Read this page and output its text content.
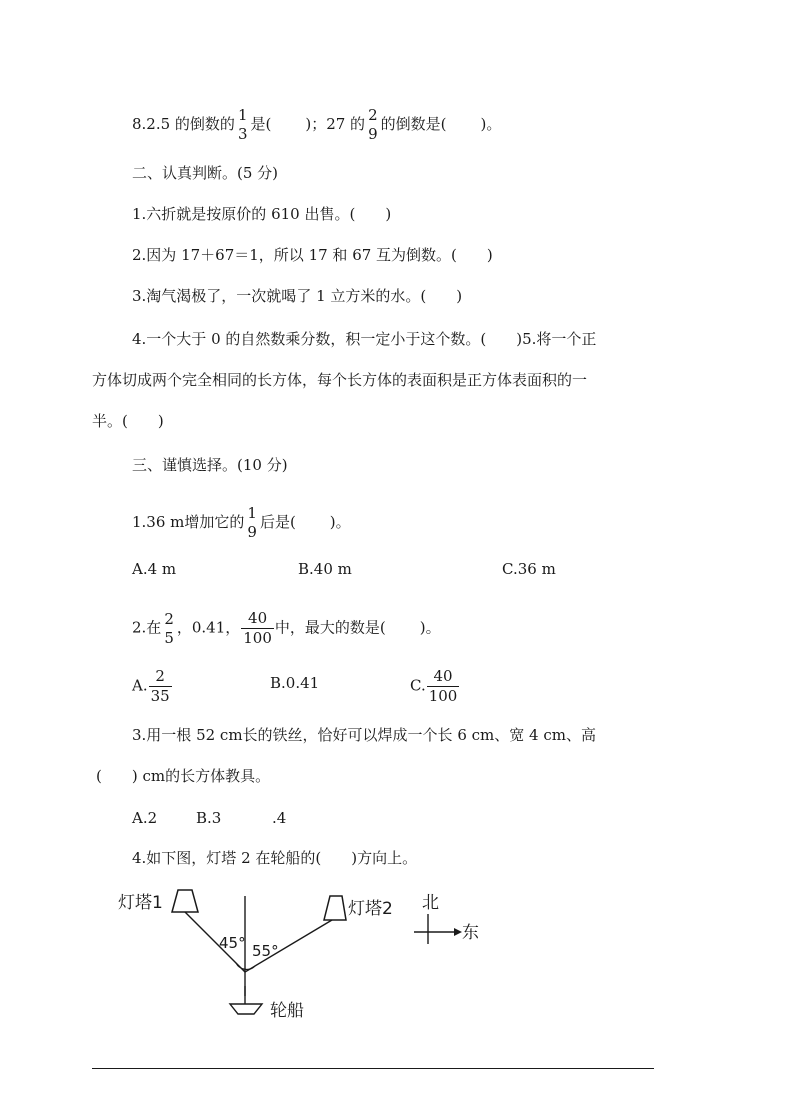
8.2.5 的倒数的 1
3
是( )；27 的 2
9
的倒数是( )。
二、认真判断。(5 分)
1.六折就是按原价的 610 出售。(　　)
2.因为 17＋67＝1，所以 17 和 67 互为倒数。(　　)
3.淘气渴极了，一次就喝了 1 立方米的水。(　　)
4.一个大于 0 的自然数乘分数，积一定小于这个数。(　　)5.将一个正
方体切成两个完全相同的长方体，每个长方体的表面积是正方体表面积的一
半。(　　)
三、谨慎选择。(10 分)
1.36 m增加它的 1
9
后是( )。
A.4 m	B.40 m	C.36 m
2.在 2
5
，0.41， $\frac{40}{100}$ 中，最大的数是( )。
A. $\frac{2}{35}$	B.0.41	C. $\frac{40}{100}$
3.用一根 52 cm长的铁丝，恰好可以焊成一个长 6 cm、宽 4 cm、高
(　　) cm的长方体教具。
A.2	B.3	.4
4.如下图，灯塔 2 在轮船的(　　)方向上。
灯塔1	灯塔2
45° 55°
轮船
北
东
